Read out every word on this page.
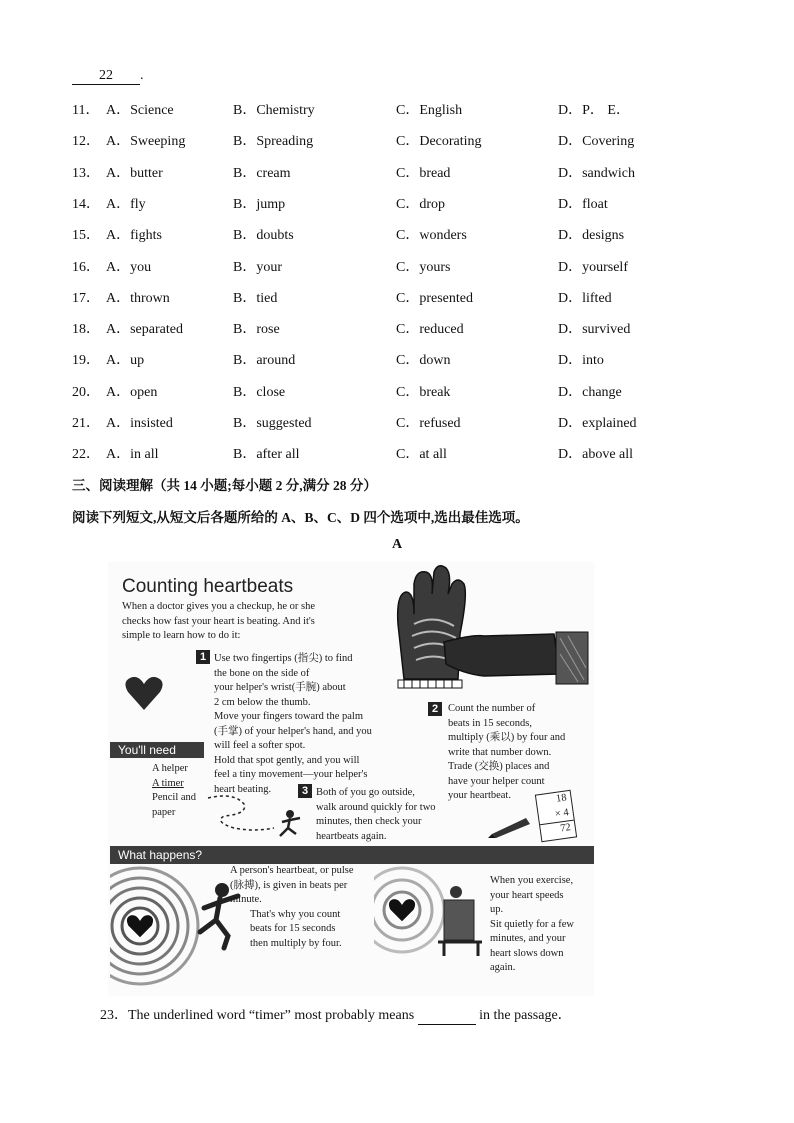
22 .
11． A．Science	B．Chemistry	C．English	D．P． E．
12． A．Sweeping	B．Spreading	C．Decorating	D．Covering
13． A．butter	B．cream	C．bread	D．sandwich
14． A．fly	B．jump	C．drop	D．float
15． A．fights	B．doubts	C．wonders	D．designs
16． A．you	B．your	C．yours	D．yourself
17． A．thrown	B．tied	C．presented	D．lifted
18． A．separated	B．rose	C．reduced	D．survived
19． A．up	B．around	C．down	D．into
20． A．open	B．close	C．break	D．change
21． A．insisted	B．suggested	C．refused	D．explained
22． A．in all	B．after all	C．at all	D．above all
三、阅读理解（共 14 小题;每小题 2 分,满分 28 分）
阅读下列短文,从短文后各题所给的 A、B、C、D 四个选项中,选出最佳选项。
A
Counting heartbeats
When a doctor gives you a checkup, he or she
checks how fast your heart is beating. And it's
simple to learn how to do it:
1 Use two fingertips (指尖) to find
the bone on the side of
your helper's wrist(手腕) about
2 cm below the thumb.
Move your fingers toward the palm
(手掌) of your helper's hand, and you
will feel a softer spot.
Hold that spot gently, and you will
feel a tiny movement—your helper's
heart beating.
You'll need
A helper
A timer
Pencil and
paper
3 Both of you go outside,
walk around quickly for two
minutes, then check your
heartbeats again.
2 Count the number of
beats in 15 seconds,
multiply (乘以) by four and
write that number down.
Trade (交换) places and
have your helper count
your heartbeat.	18
× 4
72
What happens?
A person's heartbeat, or pulse
(脉搏), is given in beats per
minute.
That's why you count
beats for 15 seconds
then multiply by four.
When you exercise,
your heart speeds
up.
Sit quietly for a few
minutes, and your
heart slows down
again.
23．The underlined word “timer” most probably means	in the passage．
